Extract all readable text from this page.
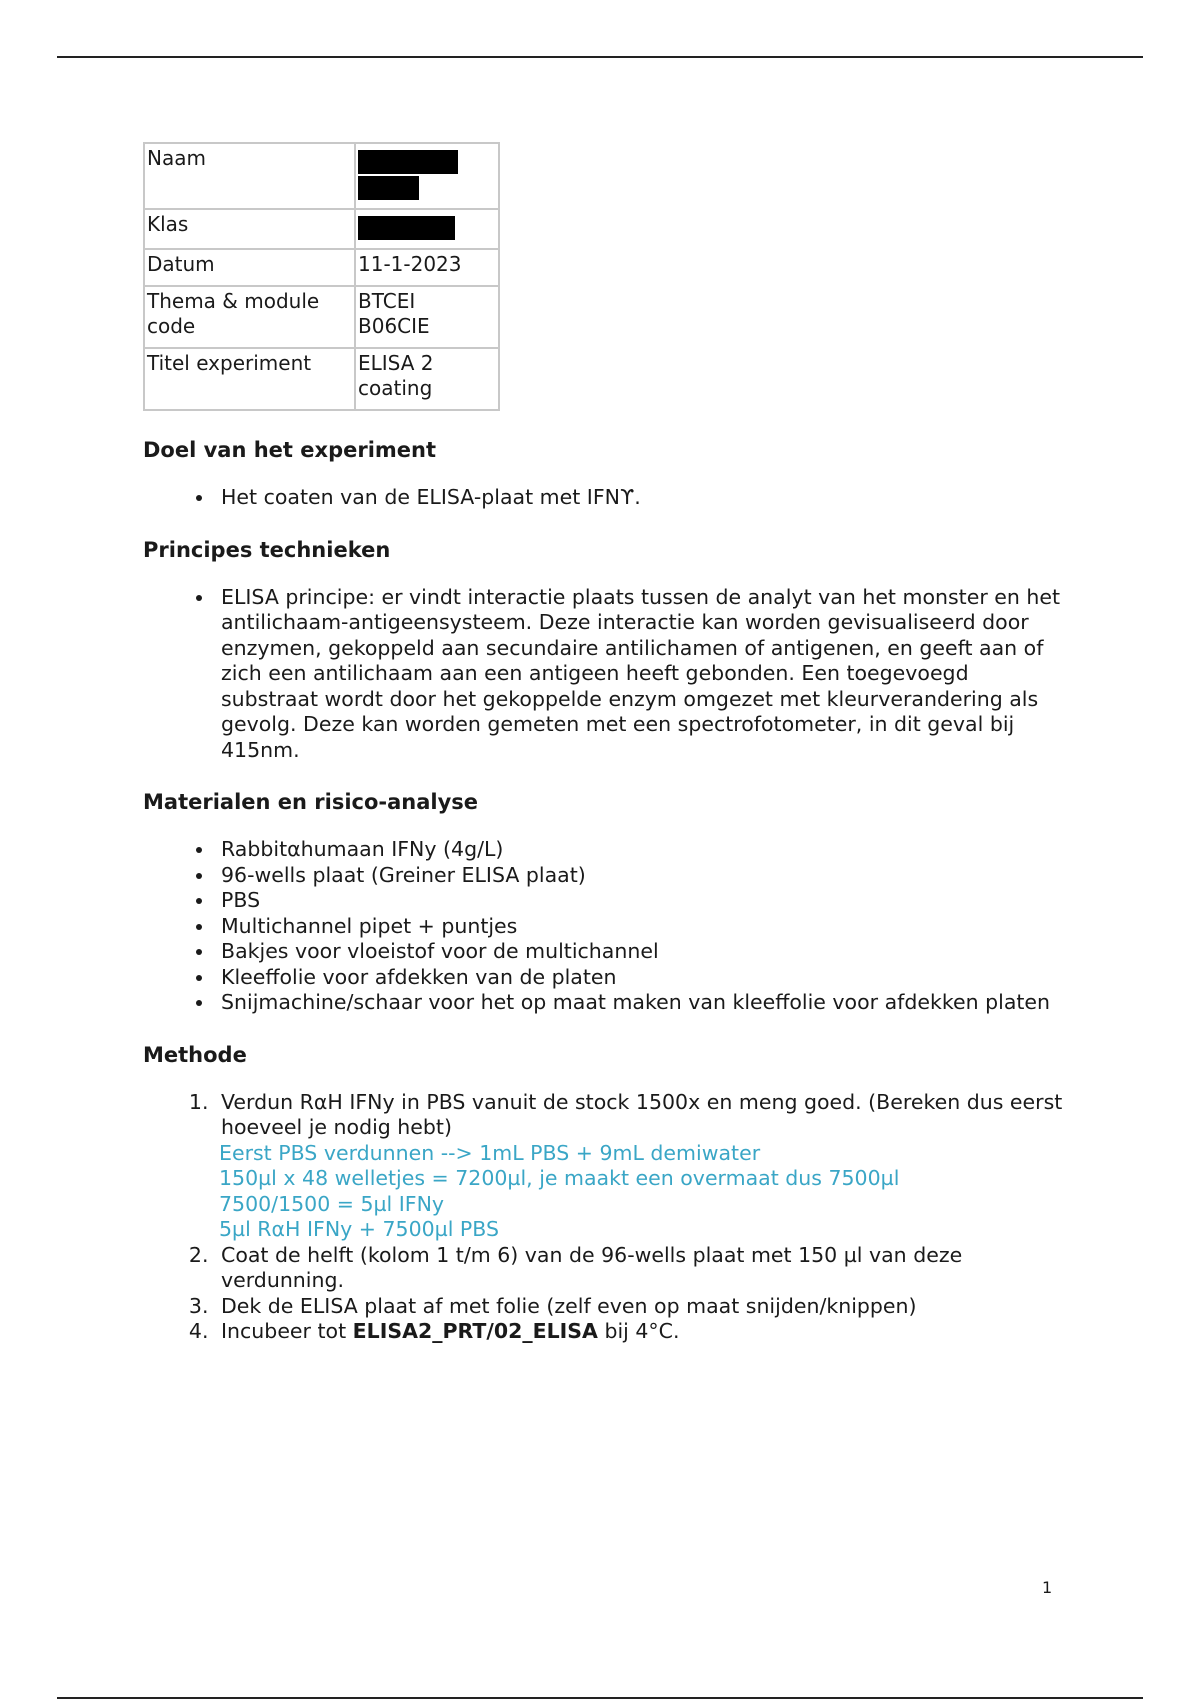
Naam	

Klas	

Datum	11-1-2023
Thema & module code	BTCEI
B06CIE

Titel experiment	ELISA 2 coating
Doel van het experiment
• Het coaten van de ELISA-plaat met IFNϒ.
Principes technieken
• ELISA principe: er vindt interactie plaats tussen de analyt van het monster en het antilichaam-antigeensysteem. Deze interactie kan worden gevisualiseerd door enzymen, gekoppeld aan secundaire antilichamen of antigenen, en geeft aan of zich een antilichaam aan een antigeen heeft gebonden. Een toegevoegd substraat wordt door het gekoppelde enzym omgezet met kleurverandering als gevolg. Deze kan worden gemeten met een spectrofotometer, in dit geval bij 415nm.
Materialen en risico-analyse
• Rabbitαhumaan IFNy (4g/L)
• 96-wells plaat (Greiner ELISA plaat)
• PBS
• Multichannel pipet + puntjes
• Bakjes voor vloeistof voor de multichannel
• Kleeffolie voor afdekken van de platen
• Snijmachine/schaar voor het op maat maken van kleeffolie voor afdekken platen
Methode
1. Verdun RαH IFNy in PBS vanuit de stock 1500x en meng goed. (Bereken dus eerst hoeveel je nodig hebt)
Eerst PBS verdunnen --> 1mL PBS + 9mL demiwater
150µl x 48 welletjes = 7200µl, je maakt een overmaat dus 7500µl
7500/1500 = 5µl IFNy
5µl RαH IFNy + 7500µl PBS
2. Coat de helft (kolom 1 t/m 6) van de 96-wells plaat met 150 µl van deze verdunning.
3. Dek de ELISA plaat af met folie (zelf even op maat snijden/knippen)
4. Incubeer tot ELISA2_PRT/02_ELISA bij 4°C.
1
